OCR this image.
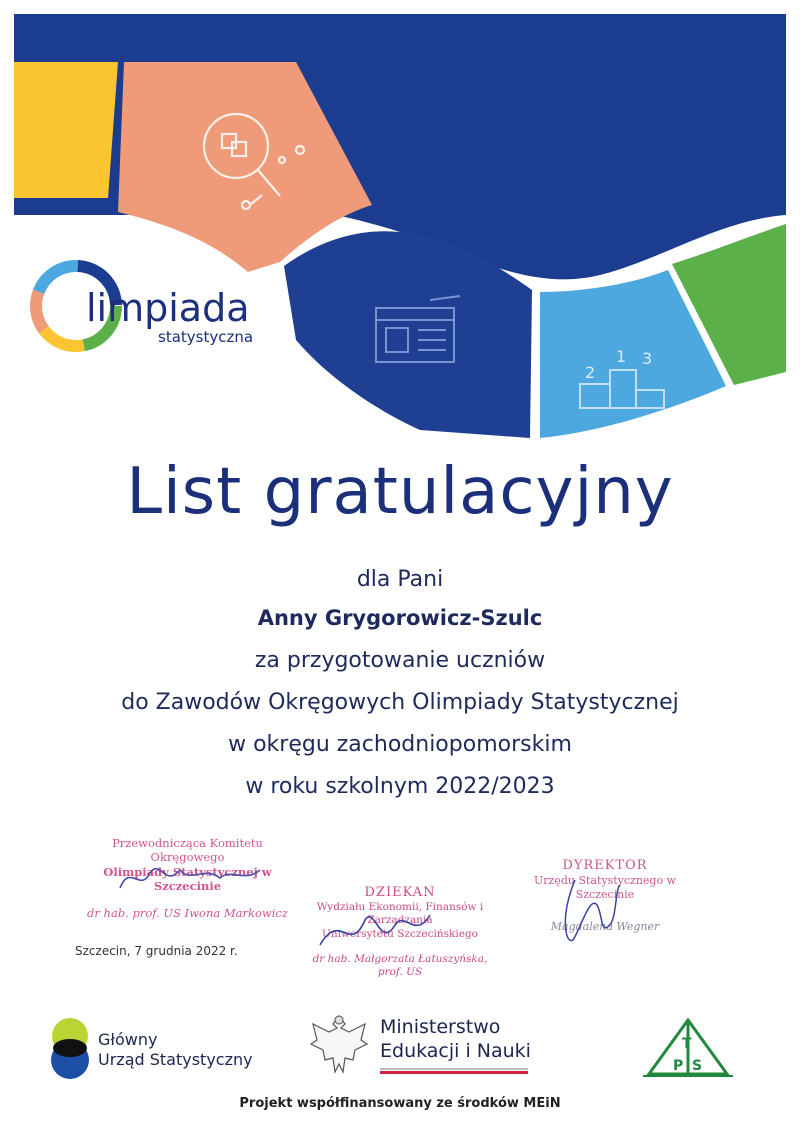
2
1 3
limpiada
statystyczna
List gratulacyjny
dla Pani
Anny Grygorowicz-Szulc
za przygotowanie uczniów
do Zawodów Okręgowych Olimpiady Statystycznej
w okręgu zachodniopomorskim
w roku szkolnym 2022/2023
Przewodnicząca Komitetu Okręgowego
Olimpiady Statystycznej w Szczecinie
dr hab. prof. US Iwona Markowicz
DZIEKAN
Wydziału Ekonomii, Finansów i Zarządzania
Uniwersytetu Szczecińskiego
dr hab. Małgorzata Łatuszyńska, prof. US
DYREKTOR
Urzędu Statystycznego w Szczecinie
Magdalena Wegner
Szczecin, 7 grudnia 2022 r.
Główny
Urząd Statystyczny
Ministerstwo
Edukacji i Nauki	T
P S
Projekt współfinansowany ze środków MEiN
